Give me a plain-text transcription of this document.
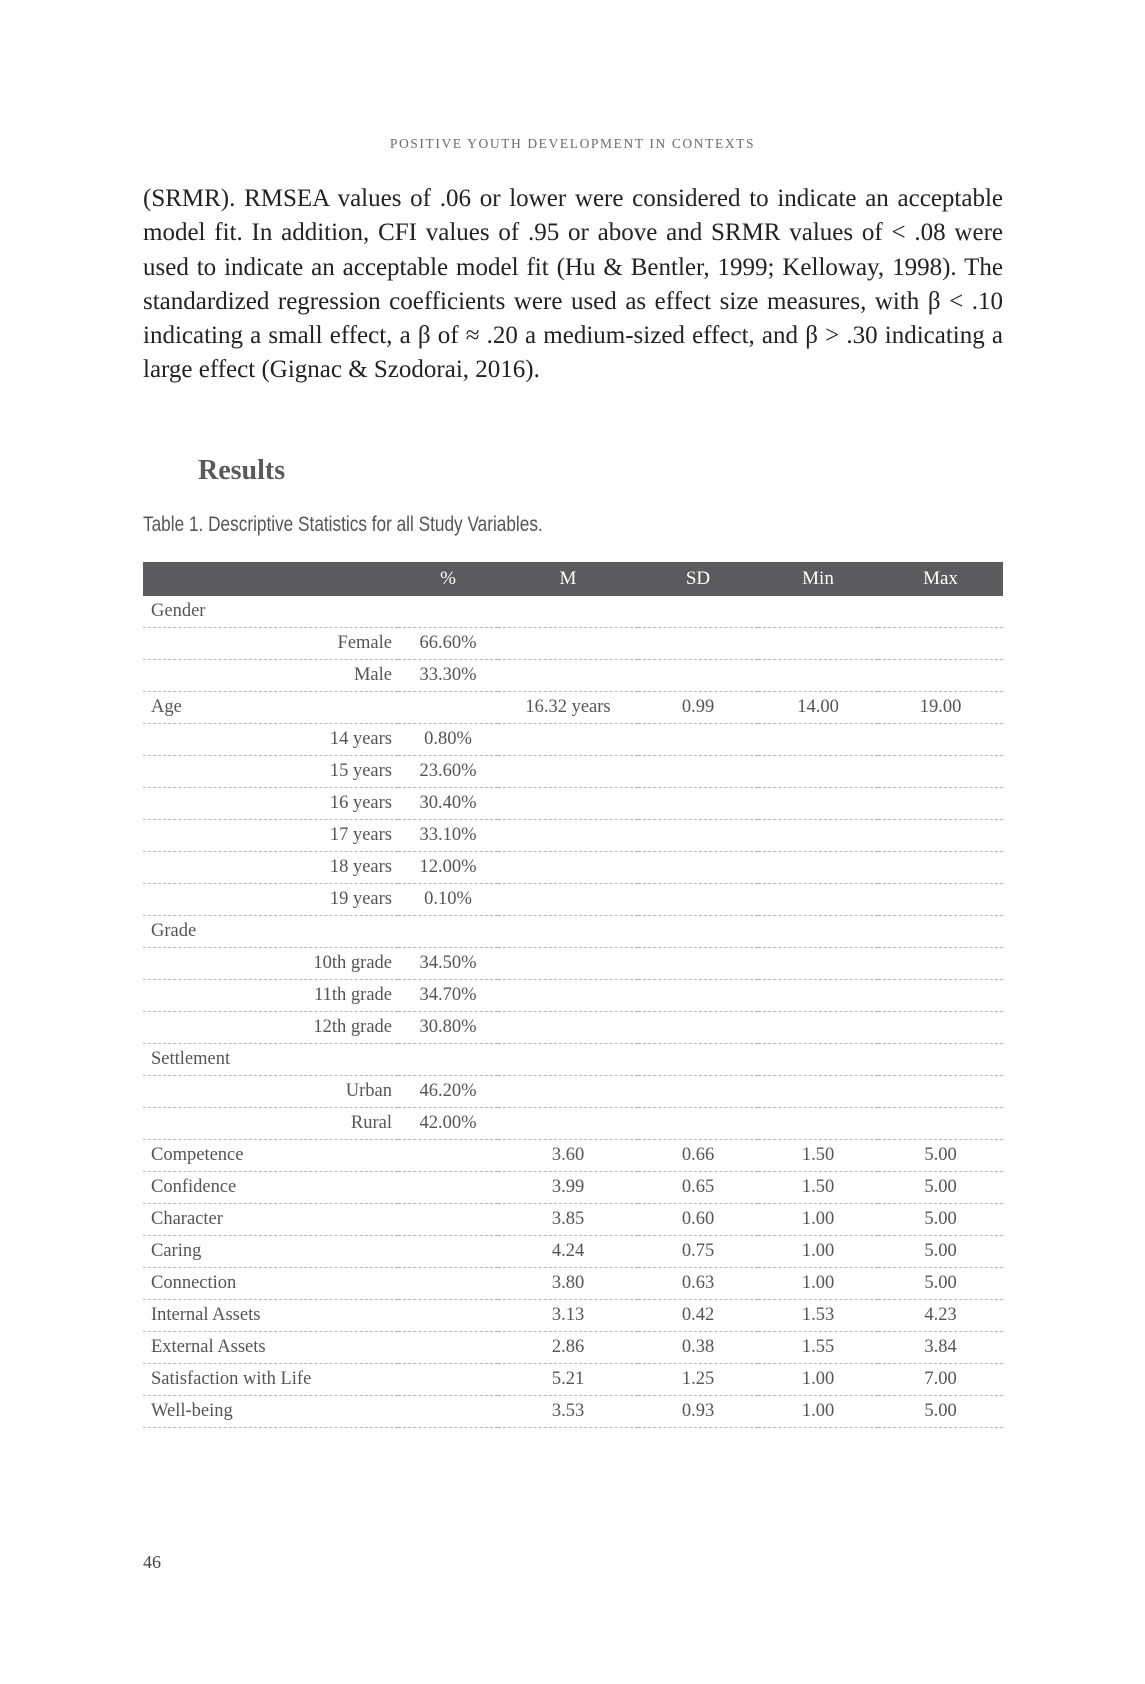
POSITIVE YOUTH DEVELOPMENT IN CONTEXTS

(SRMR). RMSEA values of .06 or lower were considered to indicate an acceptable model fit. In addition, CFI values of .95 or above and SRMR values of < .08 were used to indicate an acceptable model fit (Hu & Bentler, 1999; Kelloway, 1998). The standardized regression coefficients were used as effect size measures, with β < .10 indicating a small effect, a β of ≈ .20 a medium-sized effect, and β > .30 indicating a large effect (Gignac & Szodorai, 2016).

Results
Table 1. Descriptive Statistics for all Study Variables.
	%	M	SD	Min	Max
Gender					
Female	66.60%				
Male	33.30%				
Age		16.32 years	0.99	14.00	19.00
14 years	0.80%				
15 years	23.60%				
16 years	30.40%				
17 years	33.10%				
18 years	12.00%				
19 years	0.10%				
Grade					
10th grade	34.50%				
11th grade	34.70%				
12th grade	30.80%				
Settlement					
Urban	46.20%				
Rural	42.00%				
Competence		3.60	0.66	1.50	5.00
Confidence		3.99	0.65	1.50	5.00
Character		3.85	0.60	1.00	5.00
Caring		4.24	0.75	1.00	5.00
Connection		3.80	0.63	1.00	5.00
Internal Assets		3.13	0.42	1.53	4.23
External Assets		2.86	0.38	1.55	3.84
Satisfaction with Life		5.21	1.25	1.00	7.00
Well-being		3.53	0.93	1.00	5.00
46
